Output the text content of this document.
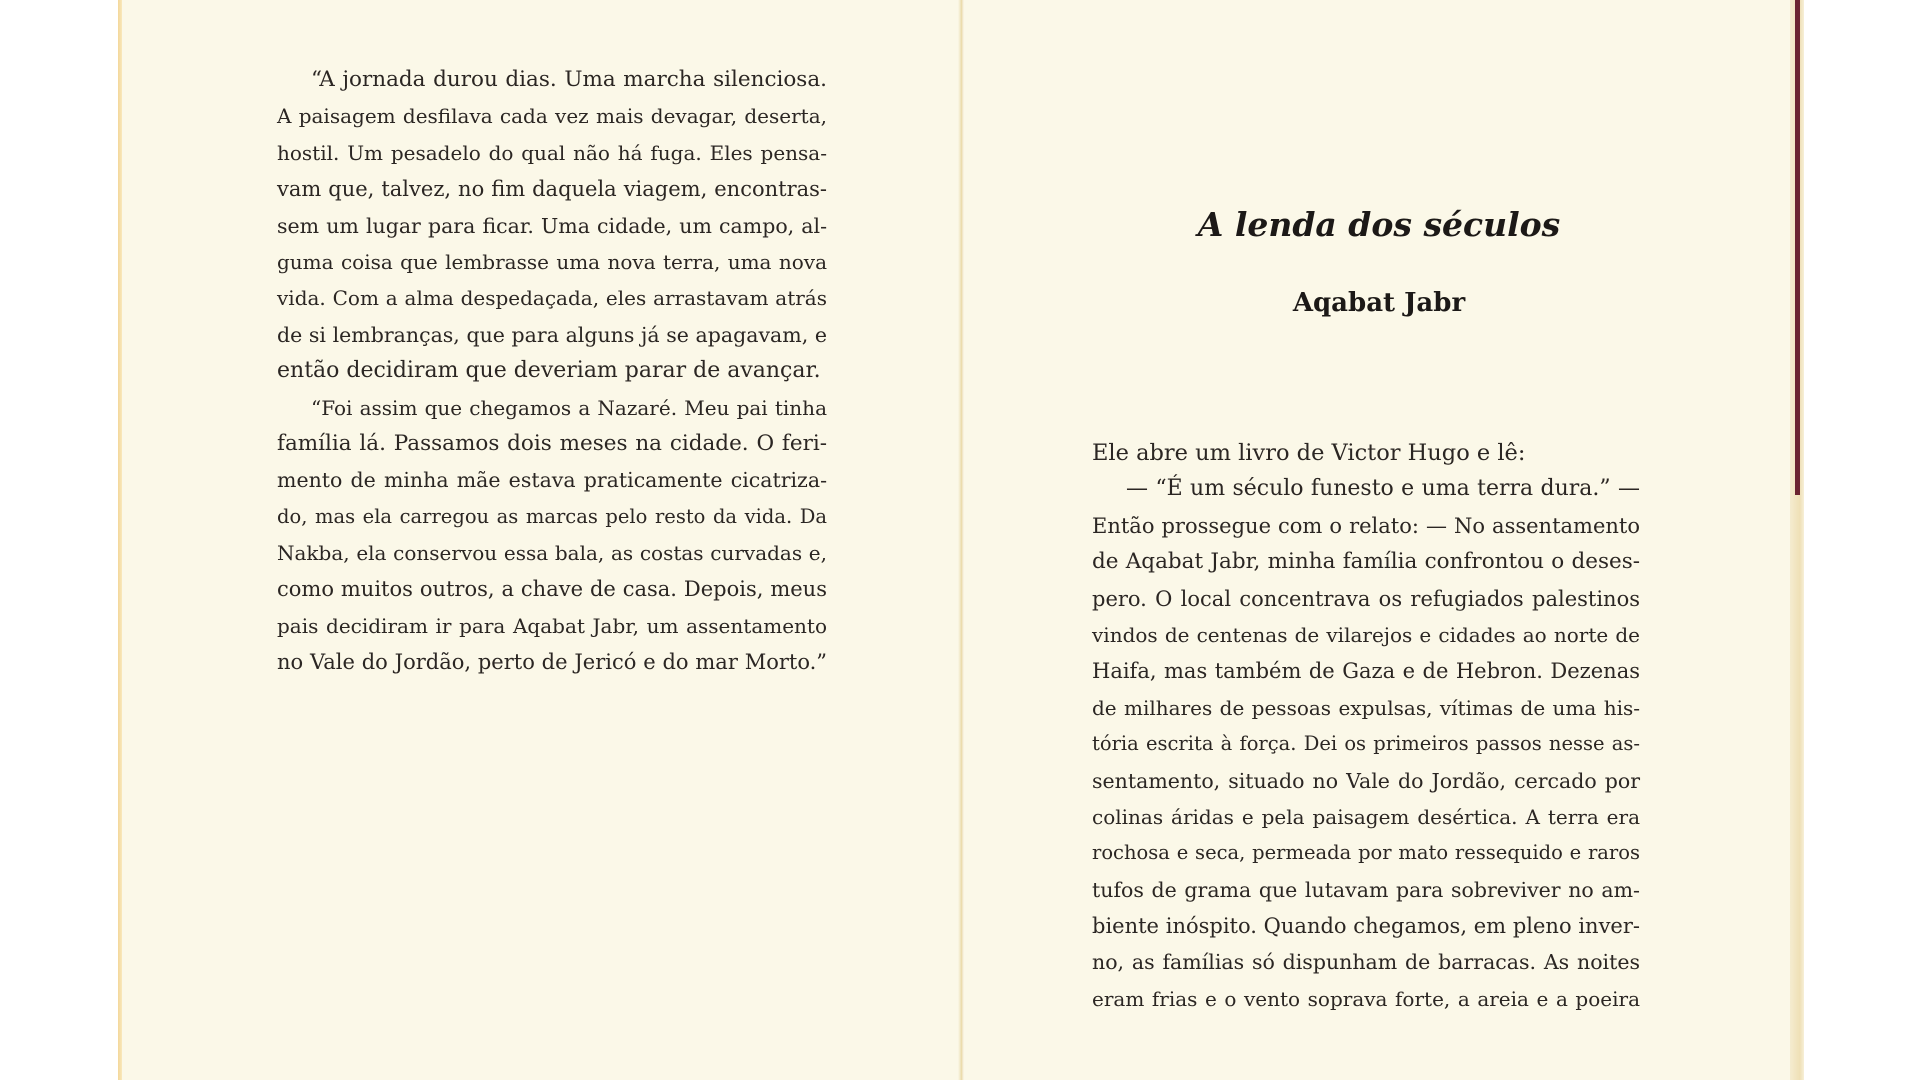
“A jornada durou dias. Uma marcha silenciosa.
A paisagem desfilava cada vez mais devagar, deserta,
hostil. Um pesadelo do qual não há fuga. Eles pensa-
vam que, talvez, no fim daquela viagem, encontras-
sem um lugar para ficar. Uma cidade, um campo, al-
guma coisa que lembrasse uma nova terra, uma nova
vida. Com a alma despedaçada, eles arrastavam atrás
de si lembranças, que para alguns já se apagavam, e
então decidiram que deveriam parar de avançar.
“Foi assim que chegamos a Nazaré. Meu pai tinha
família lá. Passamos dois meses na cidade. O feri-
mento de minha mãe estava praticamente cicatriza-
do, mas ela carregou as marcas pelo resto da vida. Da
Nakba, ela conservou essa bala, as costas curvadas e,
como muitos outros, a chave de casa. Depois, meus
pais decidiram ir para Aqabat Jabr, um assentamento
no Vale do Jordão, perto de Jericó e do mar Morto.”
A lenda dos séculos
Aqabat Jabr
Ele abre um livro de Victor Hugo e lê:
— “É um século funesto e uma terra dura.” —
Então prossegue com o relato: — No assentamento
de Aqabat Jabr, minha família confrontou o deses-
pero. O local concentrava os refugiados palestinos
vindos de centenas de vilarejos e cidades ao norte de
Haifa, mas também de Gaza e de Hebron. Dezenas
de milhares de pessoas expulsas, vítimas de uma his-
tória escrita à força. Dei os primeiros passos nesse as-
sentamento, situado no Vale do Jordão, cercado por
colinas áridas e pela paisagem desértica. A terra era
rochosa e seca, permeada por mato ressequido e raros
tufos de grama que lutavam para sobreviver no am-
biente inóspito. Quando chegamos, em pleno inver-
no, as famílias só dispunham de barracas. As noites
eram frias e o vento soprava forte, a areia e a poeira
